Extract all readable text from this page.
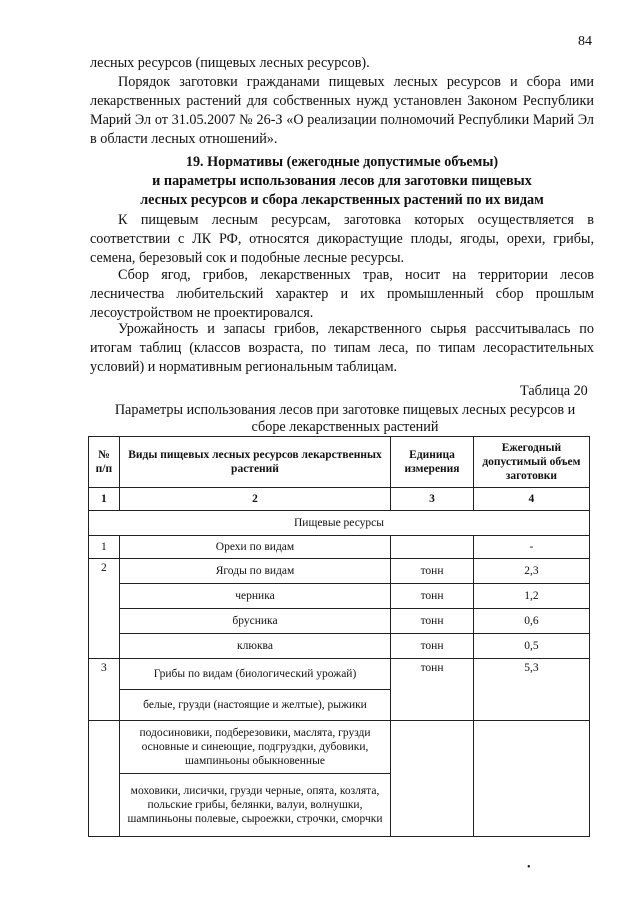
84

лесных ресурсов (пищевых лесных ресурсов).

Порядок заготовки гражданами пищевых лесных ресурсов и сбора ими лекарственных растений для собственных нужд установлен Законом Республики Марий Эл от 31.05.2007 № 26-З «О реализации полномочий Республики Марий Эл в области лесных отношений».

19. Нормативы (ежегодные допустимые объемы)
и параметры использования лесов для заготовки пищевых
лесных ресурсов и сбора лекарственных растений по их видам

К пищевым лесным ресурсам, заготовка которых осуществляется в соответствии с ЛК РФ, относятся дикорастущие плоды, ягоды, орехи, грибы, семена, березовый сок и подобные лесные ресурсы.

Сбор ягод, грибов, лекарственных трав, носит на территории лесов лесничества любительский характер и их промышленный сбор прошлым лесоустройством не проектировался.

Урожайность и запасы грибов, лекарственного сырья рассчитывалась по итогам таблиц (классов возраста, по типам леса, по типам лесорастительных условий) и нормативным региональным таблицам.

Таблица 20
Параметры использования лесов при заготовке пищевых лесных ресурсов и сборе лекарственных растений
№ п/п	Виды пищевых лесных ресурсов лекарственных растений	Единица измерения	Ежегодный допустимый объем заготовки
1	2	3	4
Пищевые ресурсы			
1	Орехи по видам		-
2	Ягоды по видам	тонн	2,3
	черника	тонн	1,2
	брусника	тонн	0,6
	клюква	тонн	0,5
3	Грибы по видам (биологический урожай)	тонн	5,3
	белые, грузди (настоящие и желтые), рыжики		
	подосиновики, подберезовики, маслята, грузди основные и синеющие, подгруздки, дубовики, шампиньоны обыкновенные		
	моховики, лисички, грузди черные, опята, козлята, польские грибы, белянки, валуи, волнушки, шампиньоны полевые, сыроежки, строчки, сморчки		
•
